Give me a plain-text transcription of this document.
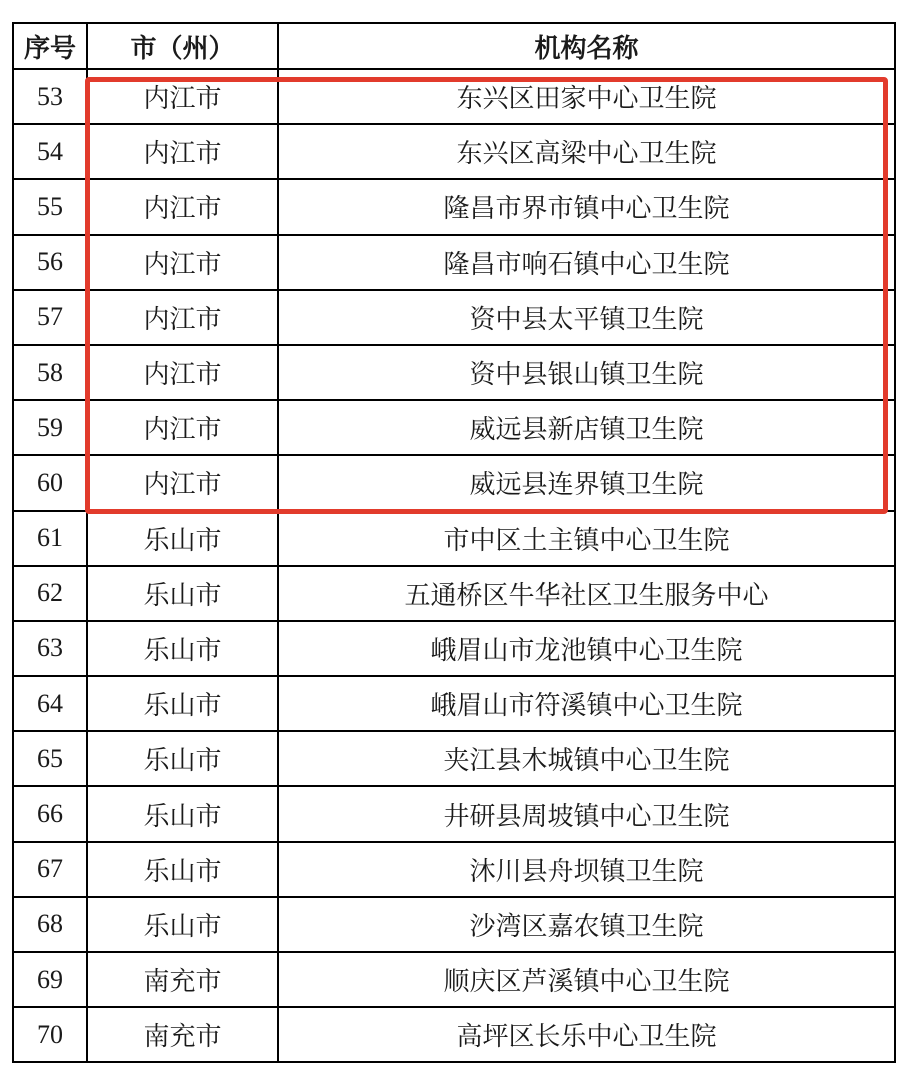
序号	市（州）	机构名称
53	内江市	东兴区田家中心卫生院
54	内江市	东兴区高梁中心卫生院
55	内江市	隆昌市界市镇中心卫生院
56	内江市	隆昌市响石镇中心卫生院
57	内江市	资中县太平镇卫生院
58	内江市	资中县银山镇卫生院
59	内江市	威远县新店镇卫生院
60	内江市	威远县连界镇卫生院
61	乐山市	市中区土主镇中心卫生院
62	乐山市	五通桥区牛华社区卫生服务中心
63	乐山市	峨眉山市龙池镇中心卫生院
64	乐山市	峨眉山市符溪镇中心卫生院
65	乐山市	夹江县木城镇中心卫生院
66	乐山市	井研县周坡镇中心卫生院
67	乐山市	沐川县舟坝镇卫生院
68	乐山市	沙湾区嘉农镇卫生院
69	南充市	顺庆区芦溪镇中心卫生院
70	南充市	高坪区长乐中心卫生院
